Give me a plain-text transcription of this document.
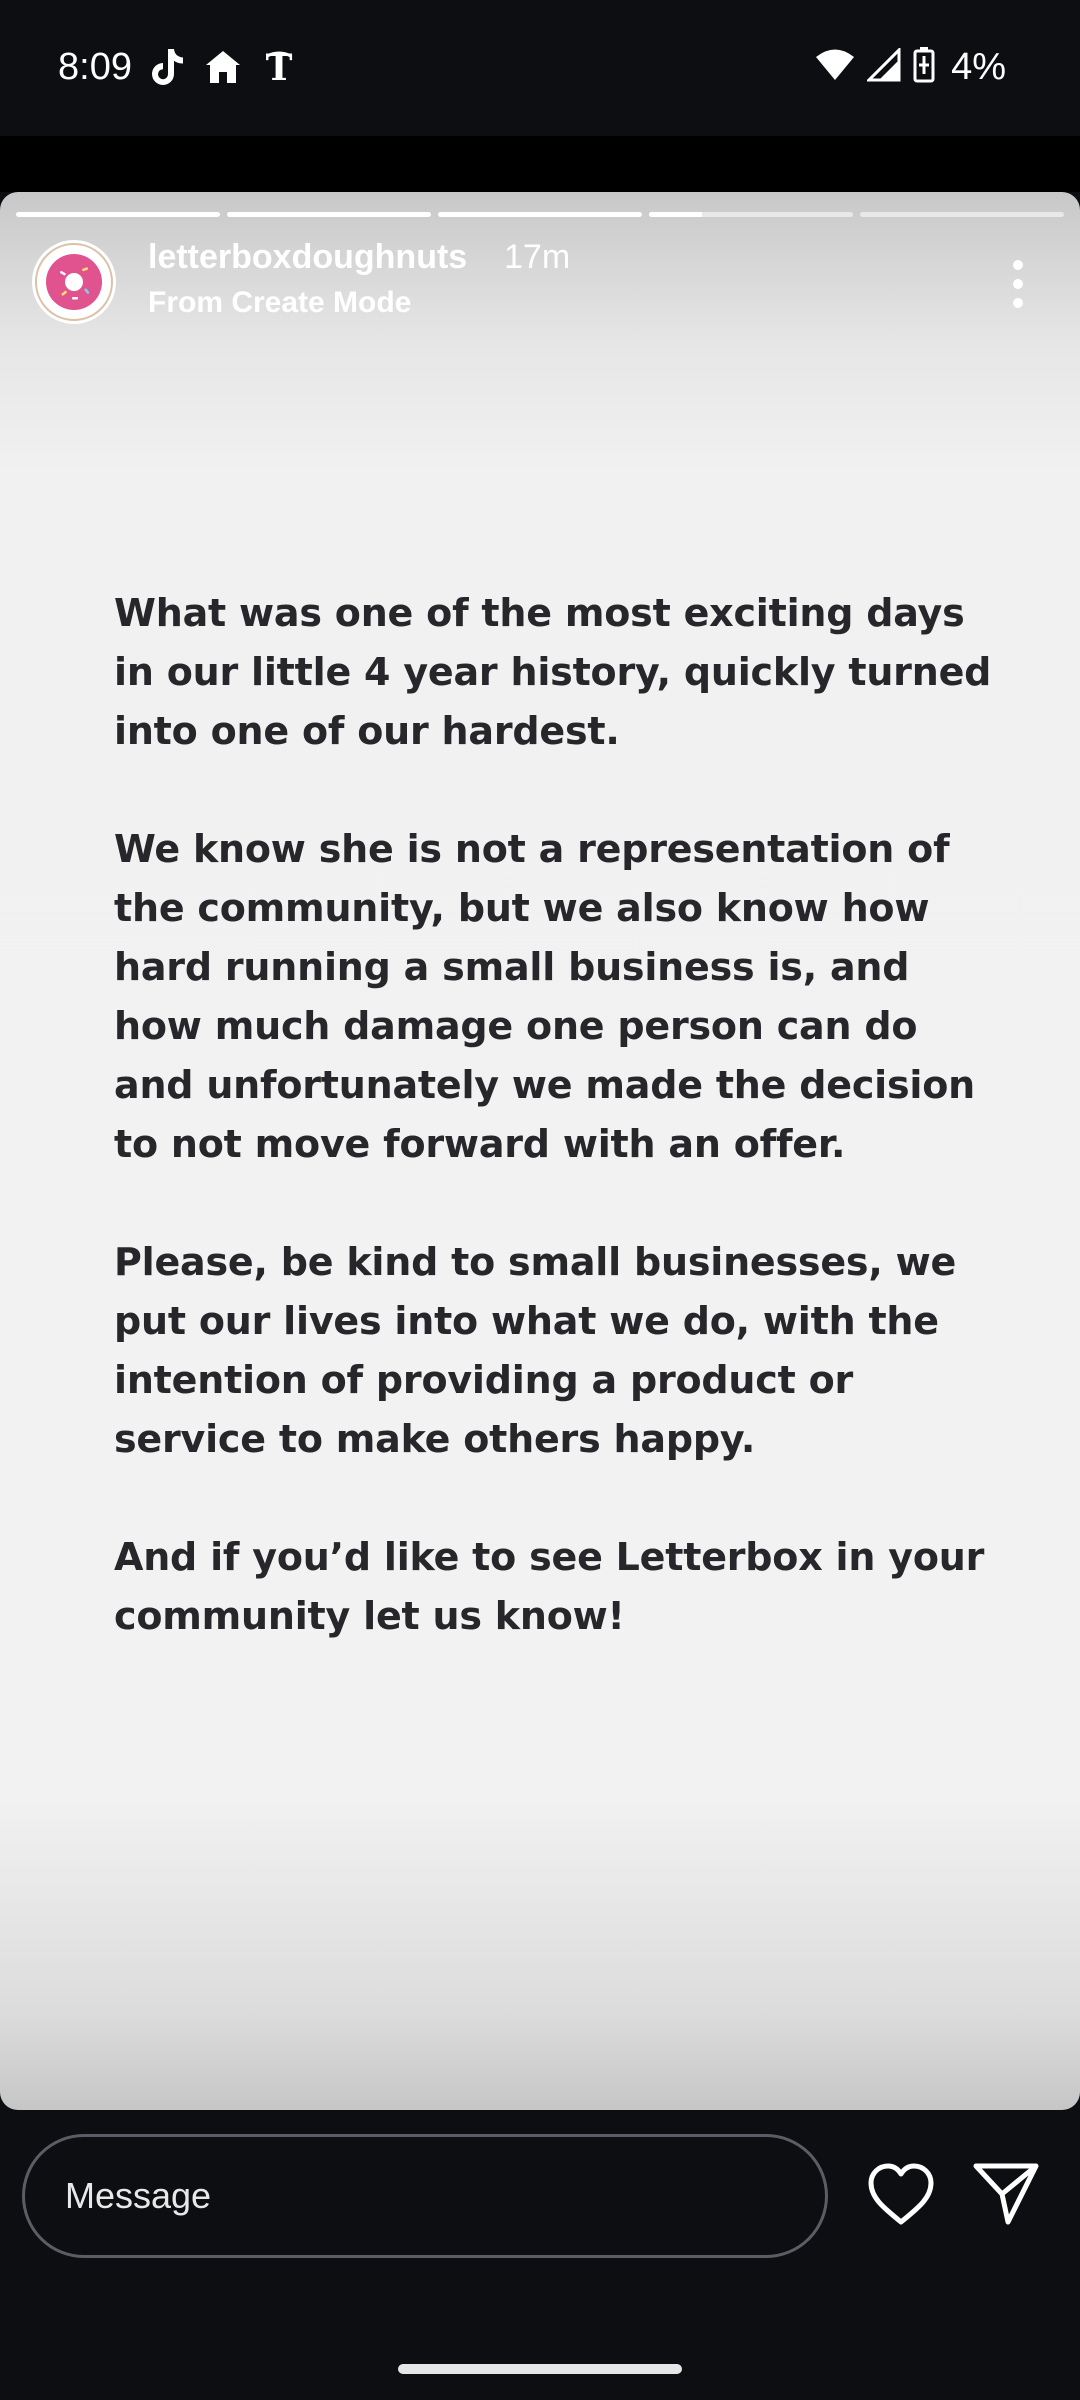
8:09	T	4%
letterboxdoughnuts 17m
From Create Mode

What was one of the most exciting days in our little 4 year history, quickly turned into one of our hardest.

We know she is not a representation of the community, but we also know how hard running a small business is, and how much damage one person can do and unfortunately we made the decision to not move forward with an offer.

Please, be kind to small businesses, we put our lives into what we do, with the intention of providing a product or service to make others happy.

And if you’d like to see Letterbox in your community let us know!

Message
